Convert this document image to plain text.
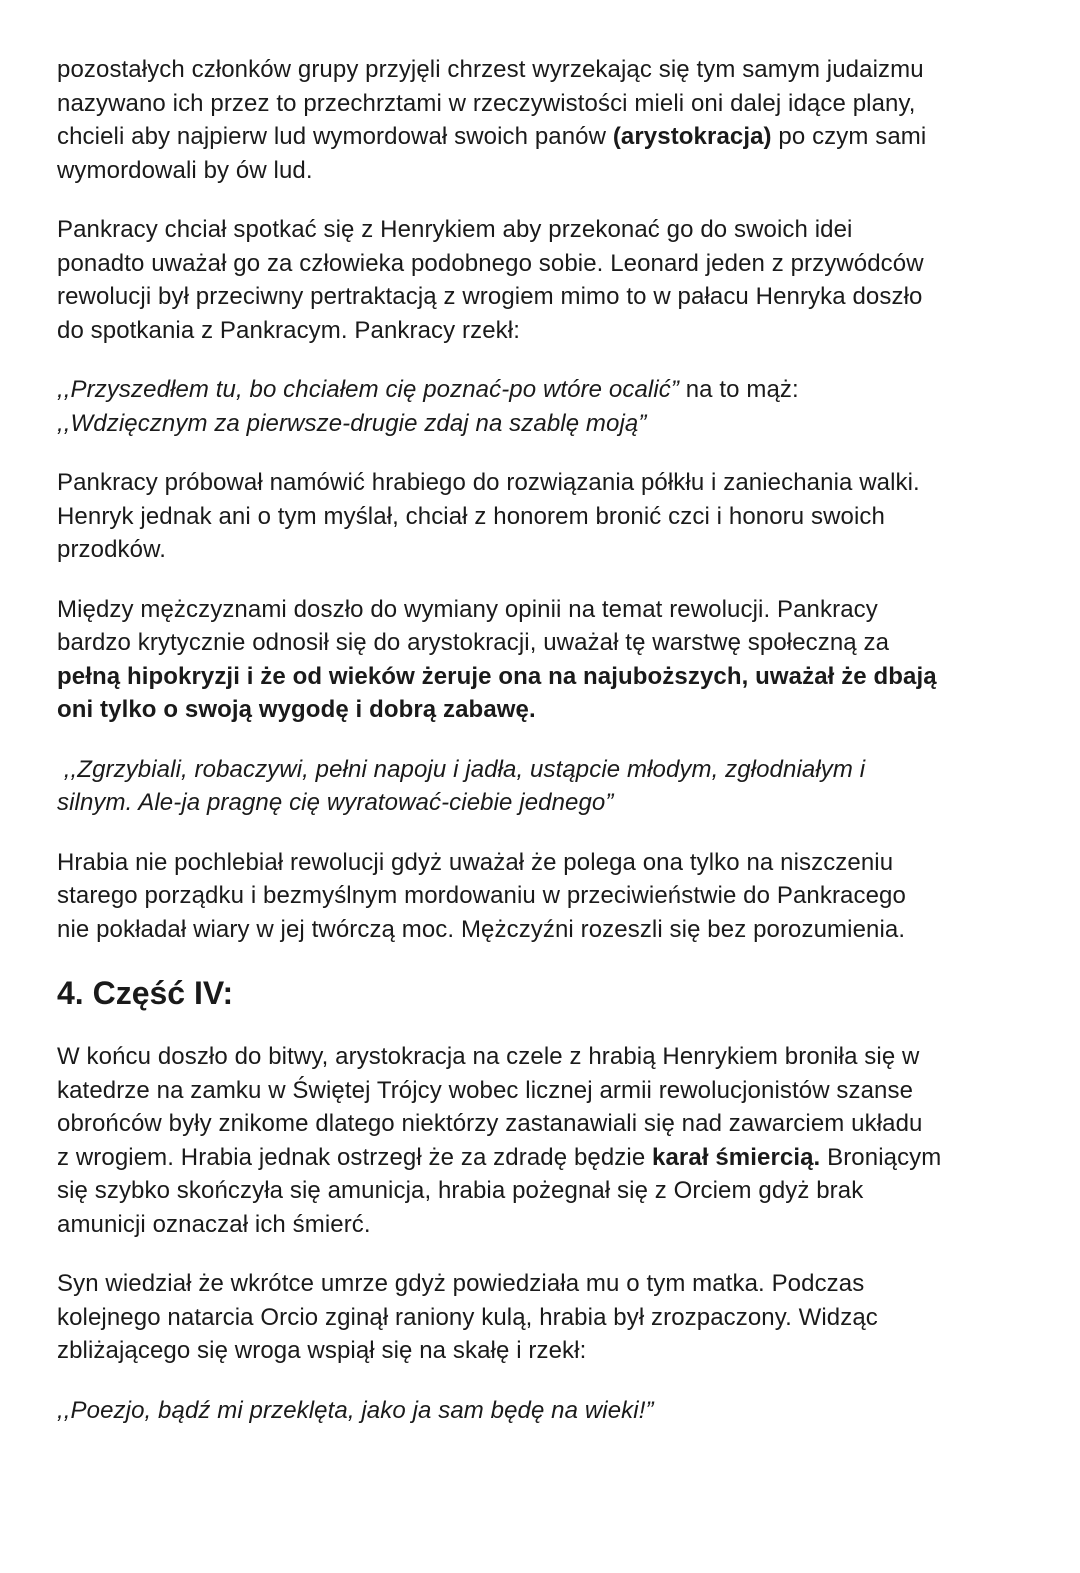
pozostałych członków grupy przyjęli chrzest wyrzekając się tym samym judaizmu
nazywano ich przez to przechrztami w rzeczywistości mieli oni dalej idące plany,
chcieli aby najpierw lud wymordował swoich panów (arystokracja) po czym sami
wymordowali by ów lud.

Pankracy chciał spotkać się z Henrykiem aby przekonać go do swoich idei
ponadto uważał go za człowieka podobnego sobie. Leonard jeden z przywódców
rewolucji był przeciwny pertraktacją z wrogiem mimo to w pałacu Henryka doszło
do spotkania z Pankracym. Pankracy rzekł:

,,Przyszedłem tu, bo chciałem cię poznać-po wtóre ocalić” na to mąż:
,,Wdzięcznym za pierwsze-drugie zdaj na szablę moją”

Pankracy próbował namówić hrabiego do rozwiązania półkłu i zaniechania walki.
Henryk jednak ani o tym myślał, chciał z honorem bronić czci i honoru swoich
przodków.

Między mężczyznami doszło do wymiany opinii na temat rewolucji. Pankracy
bardzo krytycznie odnosił się do arystokracji, uważał tę warstwę społeczną za
pełną hipokryzji i że od wieków żeruje ona na najuboższych, uważał że dbają
oni tylko o swoją wygodę i dobrą zabawę.

,,Zgrzybiali, robaczywi, pełni napoju i jadła, ustąpcie młodym, zgłodniałym i
silnym. Ale-ja pragnę cię wyratować-ciebie jednego”

Hrabia nie pochlebiał rewolucji gdyż uważał że polega ona tylko na niszczeniu
starego porządku i bezmyślnym mordowaniu w przeciwieństwie do Pankracego
nie pokładał wiary w jej twórczą moc. Mężczyźni rozeszli się bez porozumienia.

4. Część IV:

W końcu doszło do bitwy, arystokracja na czele z hrabią Henrykiem broniła się w
katedrze na zamku w Świętej Trójcy wobec licznej armii rewolucjonistów szanse
obrońców były znikome dlatego niektórzy zastanawiali się nad zawarciem układu
z wrogiem. Hrabia jednak ostrzegł że za zdradę będzie karał śmiercią. Broniącym
się szybko skończyła się amunicja, hrabia pożegnał się z Orciem gdyż brak
amunicji oznaczał ich śmierć.

Syn wiedział że wkrótce umrze gdyż powiedziała mu o tym matka. Podczas
kolejnego natarcia Orcio zginął raniony kulą, hrabia był zrozpaczony. Widząc
zbliżającego się wroga wspiął się na skałę i rzekł:

,,Poezjo, bądź mi przeklęta, jako ja sam będę na wieki!”
